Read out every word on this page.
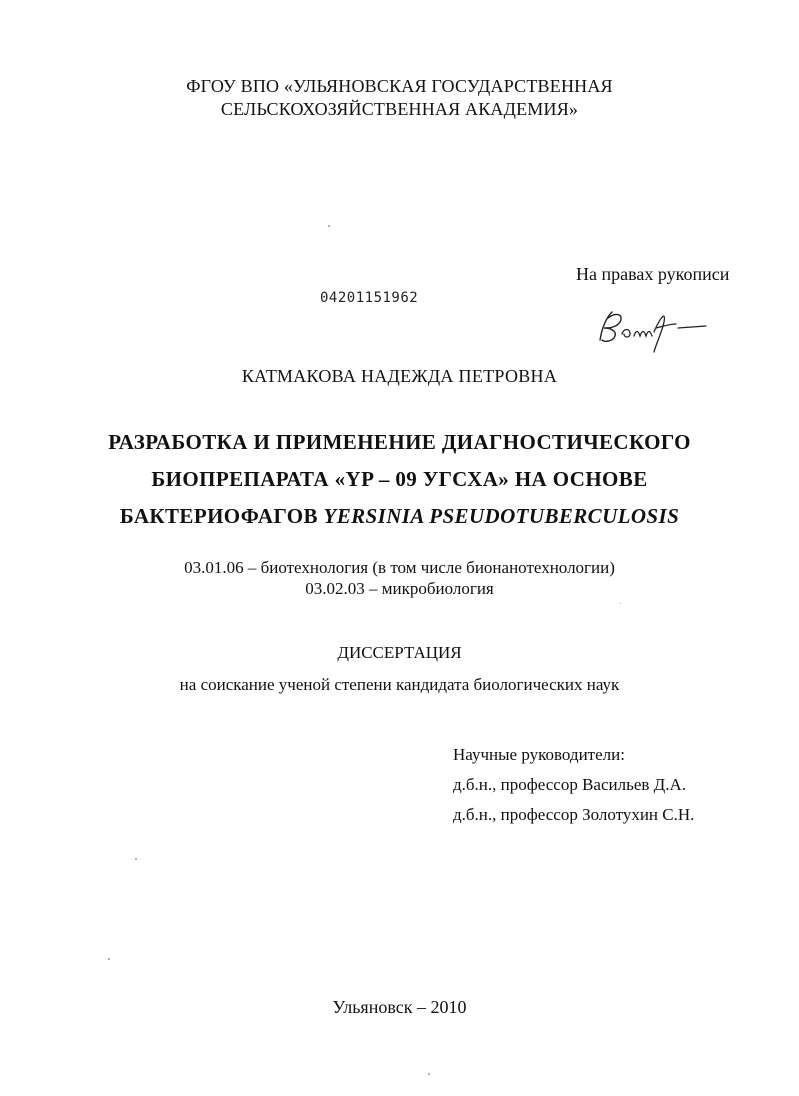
ФГОУ ВПО «УЛЬЯНОВСКАЯ ГОСУДАРСТВЕННАЯ
СЕЛЬСКОХОЗЯЙСТВЕННАЯ АКАДЕМИЯ»
На правах рукописи
04201151962
КАТМАКОВА НАДЕЖДА ПЕТРОВНА
РАЗРАБОТКА И ПРИМЕНЕНИЕ ДИАГНОСТИЧЕСКОГО
БИОПРЕПАРАТА «YP – 09 УГСХА» НА ОСНОВЕ
БАКТЕРИОФАГОВ YERSINIA PSEUDOTUBERCULOSIS
03.01.06 – биотехнология (в том числе бионанотехнологии)
03.02.03 – микробиология
ДИССЕРТАЦИЯ
на соискание ученой степени кандидата биологических наук
Научные руководители:
д.б.н., профессор Васильев Д.А.
д.б.н., профессор Золотухин С.Н.
Ульяновск – 2010
